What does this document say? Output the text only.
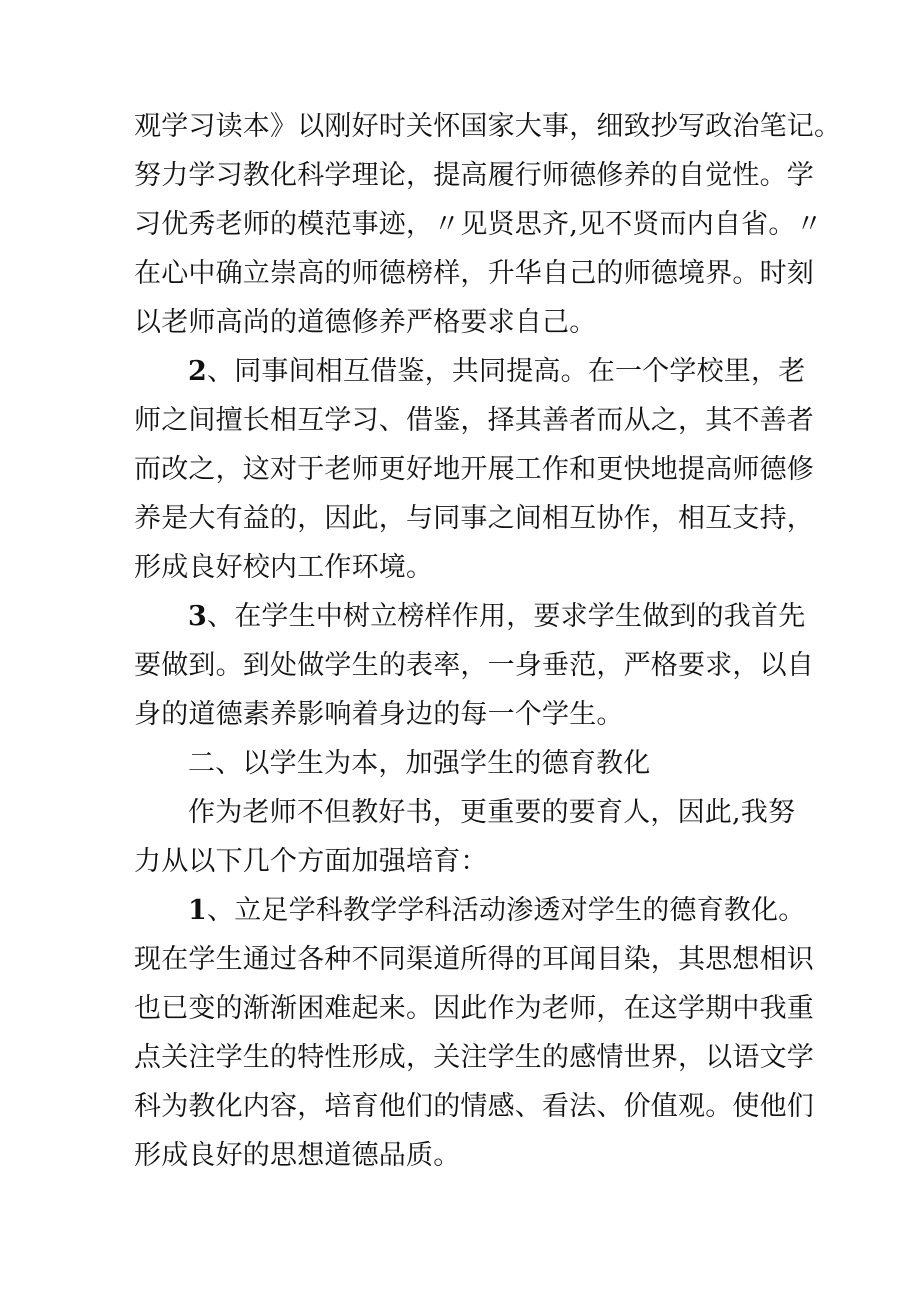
观学习读本》以刚好时关怀国家大事，细致抄写政治笔记。
努力学习教化科学理论，提高履行师德修养的自觉性。学
习优秀老师的模范事迹，〃见贤思齐,见不贤而内自省。〃
在心中确立崇高的师德榜样，升华自己的师德境界。时刻
以老师高尚的道德修养严格要求自己。
2、同事间相互借鉴，共同提高。在一个学校里，老
师之间擅长相互学习、借鉴，择其善者而从之，其不善者
而改之，这对于老师更好地开展工作和更快地提高师德修
养是大有益的，因此，与同事之间相互协作，相互支持，
形成良好校内工作环境。
3、在学生中树立榜样作用，要求学生做到的我首先
要做到。到处做学生的表率，一身垂范，严格要求，以自
身的道德素养影响着身边的每一个学生。
二、以学生为本，加强学生的德育教化
作为老师不但教好书，更重要的要育人，因此,我努
力从以下几个方面加强培育：
1、立足学科教学学科活动渗透对学生的德育教化。
现在学生通过各种不同渠道所得的耳闻目染，其思想相识
也已变的渐渐困难起来。因此作为老师，在这学期中我重
点关注学生的特性形成，关注学生的感情世界，以语文学
科为教化内容，培育他们的情感、看法、价值观。使他们
形成良好的思想道德品质。
